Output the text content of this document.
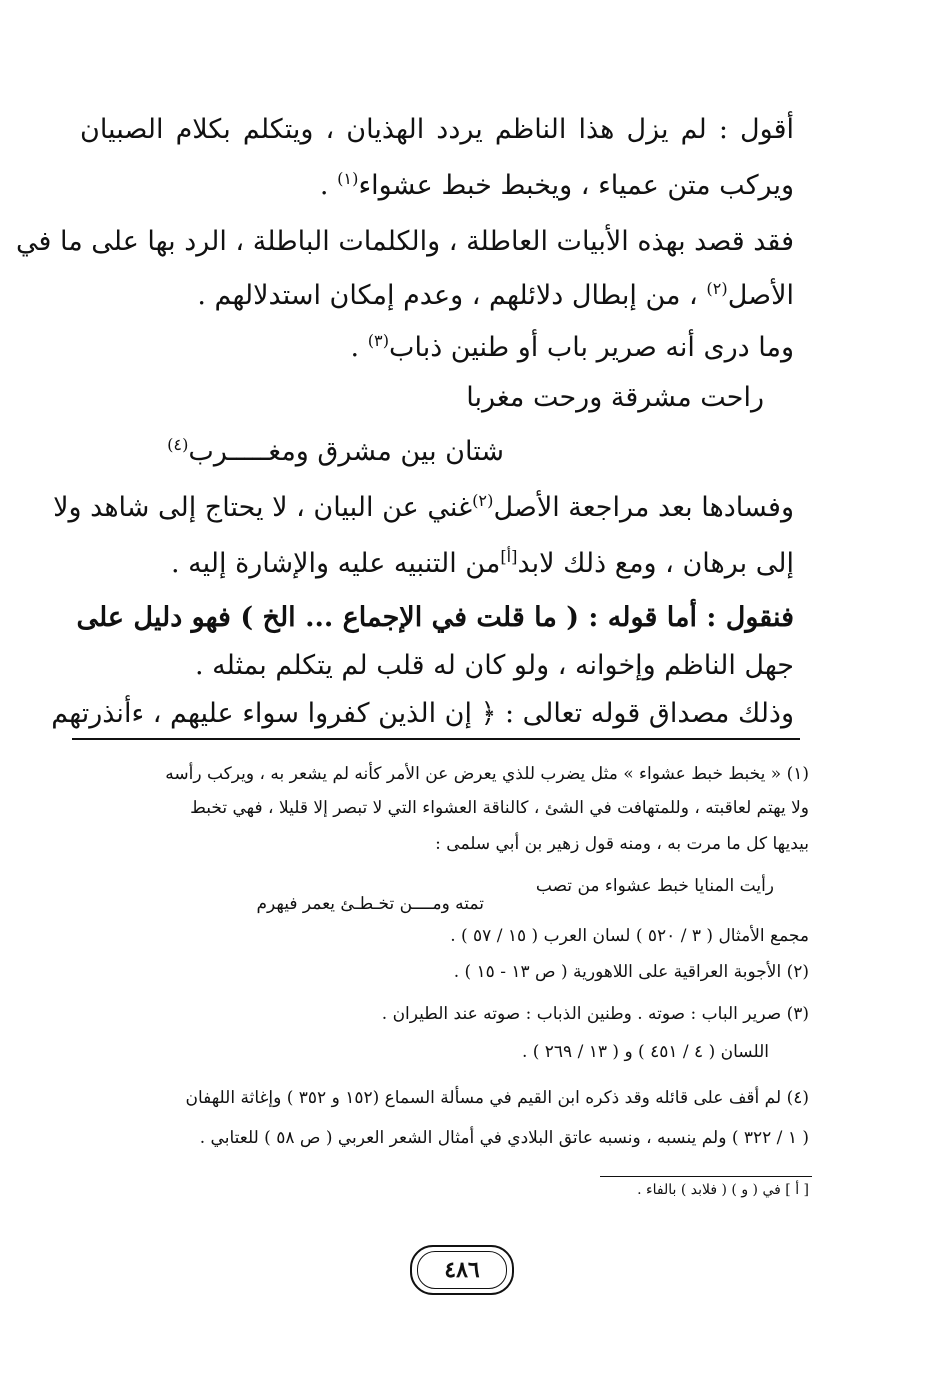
أقول : لم يزل هذا الناظم يردد الهذيان ، ويتكلم بكلام الصبيان
ويركب متن عمياء ، ويخبط خبط عشواء$^{(١)}$ .
فقد قصد بهذه الأبيات العاطلة ، والكلمات الباطلة ، الرد بها على ما في
الأصل$^{(٢)}$ ، من إبطال دلائلهم ، وعدم إمكان استدلالهم .
وما درى أنه صرير باب أو طنين ذباب$^{(٣)}$ .
راحت مشرقة ورحت مغربا
شتان بين مشرق ومغـــــرب$^{(٤)}$
وفسادها بعد مراجعة الأصل$^{(٢)}$غني عن البيان ، لا يحتاج إلى شاهد ولا
إلى برهان ، ومع ذلك لابد[أ]من التنبيه عليه والإشارة إليه .
فنقول : أما قوله : ( ما قلت في الإجماع ... الخ ) فهو دليل على
جهل الناظم وإخوانه ، ولو كان له قلب لم يتكلم بمثله .
وذلك مصداق قوله تعالى : ﴿ إن الذين كفروا سواء عليهم ، ءأنذرتهم
(١) « يخبط خبط عشواء » مثل يضرب للذي يعرض عن الأمر كأنه لم يشعر به ، ويركب رأسه
ولا يهتم لعاقبته ، وللمتهافت في الشئ ، كالناقة العشواء التي لا تبصر إلا قليلا ، فهي تخبط
بيديها كل ما مرت به ، ومنه قول زهير بن أبي سلمى :
رأيت المنايا خبط عشواء من تصب
تمته ومــــن تخـطـئ يعمر فيهرم
مجمع الأمثال ( ٣ / ٥٢٠ ) لسان العرب ( ١٥ / ٥٧ ) .
(٢) الأجوبة العراقية على اللاهورية ( ص ١٣ - ١٥ ) .
(٣) صرير الباب : صوته . وطنين الذباب : صوته عند الطيران .
اللسان ( ٤ / ٤٥١ ) و ( ١٣ / ٢٦٩ ) .
(٤) لم أقف على قائله وقد ذكره ابن القيم في مسألة السماع (١٥٢ و ٣٥٢ ) وإغاثة اللهفان
( ١ / ٣٢٢ ) ولم ينسبه ، ونسبه عاتق البلادي في أمثال الشعر العربي ( ص ٥٨ ) للعتابي .
[ أ ] في ( و ) ( فلابد ) بالفاء .
٤٨٦
